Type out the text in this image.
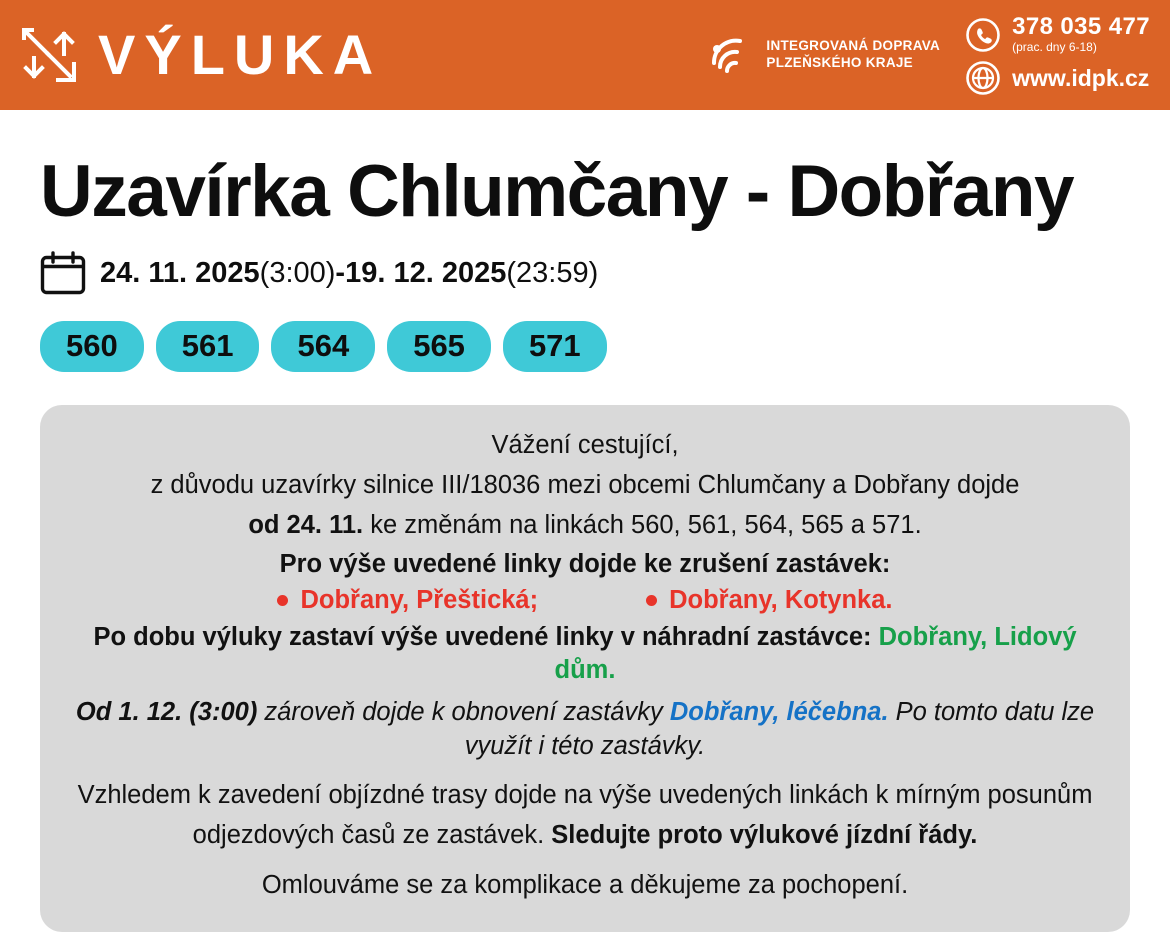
VÝLUKA	INTEGROVANÁ DOPRAVA
PLZEŇSKÉHO KRAJE
378 035 477
(prac. dny 6-18)
www.idpk.cz
Uzavírka Chlumčany - Dobřany
24. 11. 2025(3:00)-19. 12. 2025(23:59)
560	561	564	565	571

Vážení cestující,

z důvodu uzavírky silnice III/18036 mezi obcemi Chlumčany a Dobřany dojde

od 24. 11. ke změnám na linkách 560, 561, 564, 565 a 571.

Pro výše uvedené linky dojde ke zrušení zastávek:

Dobřany, Přeštická;	Dobřany, Kotynka.

Po dobu výluky zastaví výše uvedené linky v náhradní zastávce: Dobřany, Lidový dům.

Od 1. 12. (3:00) zároveň dojde k obnovení zastávky Dobřany, léčebna. Po tomto datu lze využít i této zastávky.

Vzhledem k zavedení objízdné trasy dojde na výše uvedených linkách k mírným posunům

odjezdových časů ze zastávek. Sledujte proto výlukové jízdní řády.

Omlouváme se za komplikace a děkujeme za pochopení.
